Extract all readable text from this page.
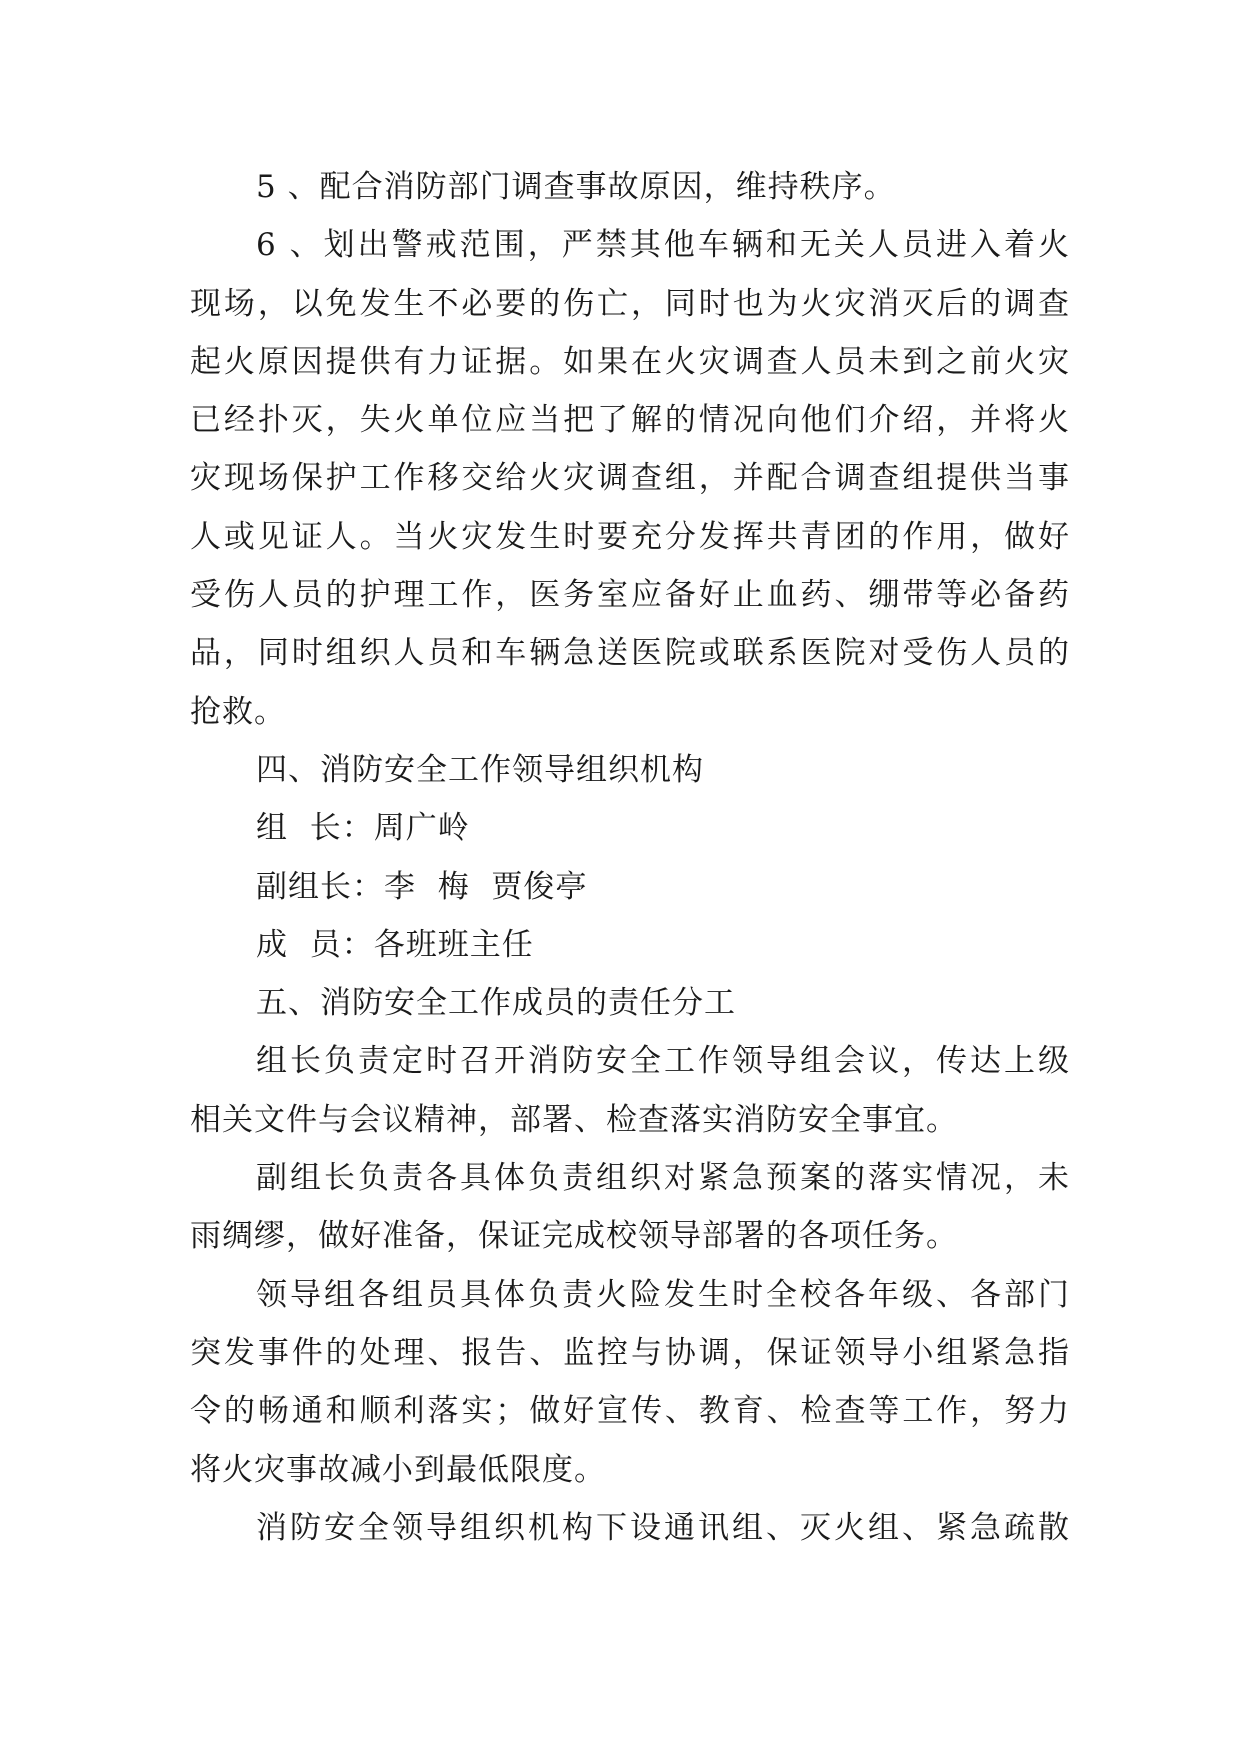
5 、配合消防部门调查事故原因，维持秩序。
6 、划出警戒范围，严禁其他车辆和无关人员进入着火
现场，以免发生不必要的伤亡，同时也为火灾消灭后的调查
起火原因提供有力证据。如果在火灾调查人员未到之前火灾
已经扑灭，失火单位应当把了解的情况向他们介绍，并将火
灾现场保护工作移交给火灾调查组，并配合调查组提供当事
人或见证人。当火灾发生时要充分发挥共青团的作用，做好
受伤人员的护理工作，医务室应备好止血药、绷带等必备药
品，同时组织人员和车辆急送医院或联系医院对受伤人员的
抢救。
四、消防安全工作领导组织机构
组  长：周广岭
副组长：李  梅  贾俊亭
成  员：各班班主任
五、消防安全工作成员的责任分工
组长负责定时召开消防安全工作领导组会议，传达上级
相关文件与会议精神，部署、检查落实消防安全事宜。
副组长负责各具体负责组织对紧急预案的落实情况，未
雨绸缪，做好准备，保证完成校领导部署的各项任务。
领导组各组员具体负责火险发生时全校各年级、各部门
突发事件的处理、报告、监控与协调，保证领导小组紧急指
令的畅通和顺利落实；做好宣传、教育、检查等工作，努力
将火灾事故减小到最低限度。
消防安全领导组织机构下设通讯组、灭火组、紧急疏散
